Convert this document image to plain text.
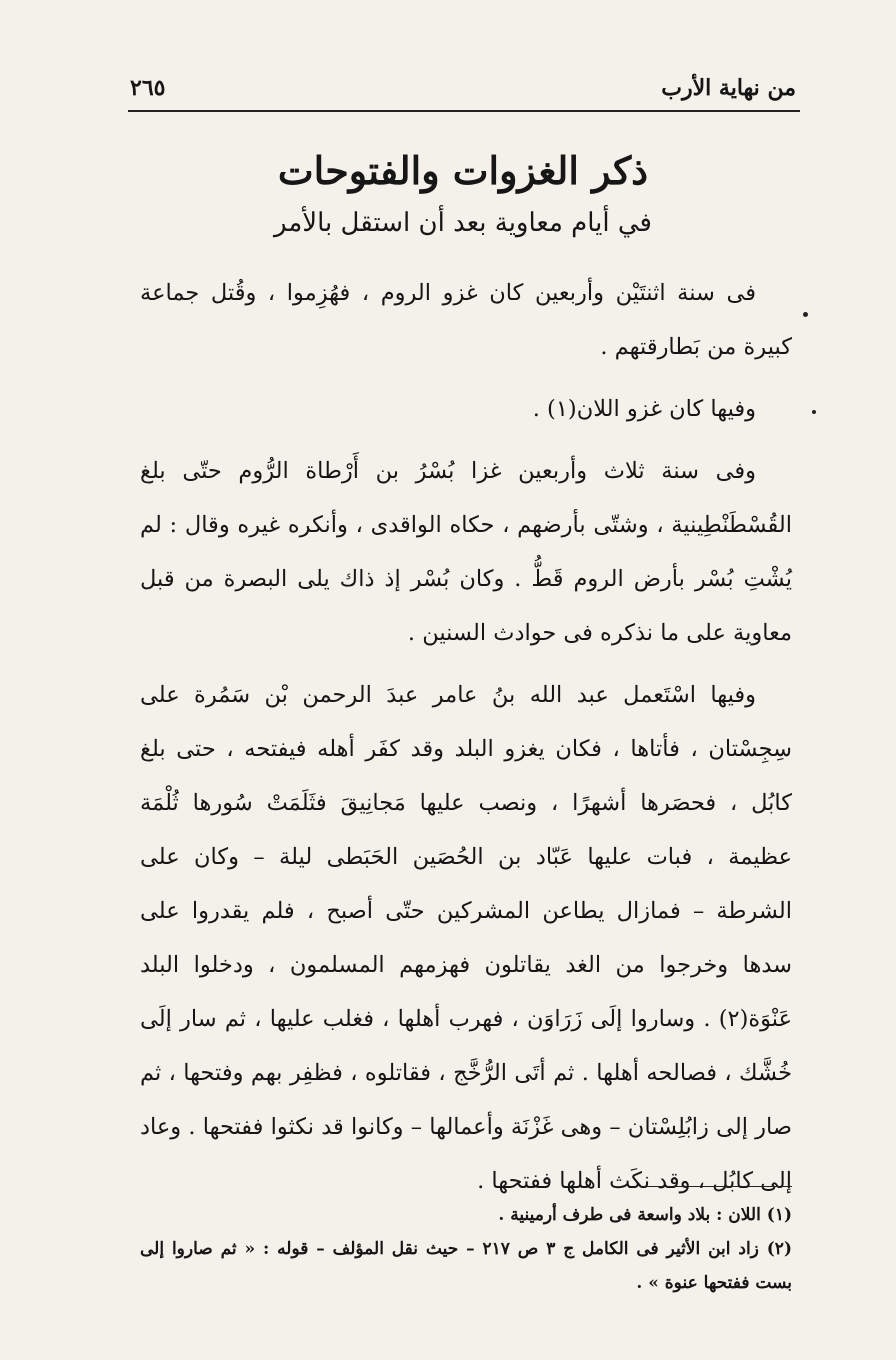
من نهاية الأرب
٢٦٥
ذكر الغزوات والفتوحات
في أيام معاوية بعد أن استقل بالأمر

فى سنة اثنتَيْن وأربعين كان غزو الروم ، فهُزِموا ، وقُتل جماعة كبيرة من بَطارقتهم .

وفيها كان غزو اللان(١) .

وفى سنة ثلاث وأربعين غزا بُسْرُ بن أَرْطاة الرُّوم حتّى بلغ القُسْطَنْطِينية ، وشتّى بأرضهم ، حكاه الواقدى ، وأنكره غيره وقال : لم يُشْتِ بُسْر بأرض الروم قَطُّ . وكان بُسْر إذ ذاك يلى البصرة من قبل معاوية على ما نذكره فى حوادث السنين .

وفيها اسْتَعمل عبد الله بنُ عامر عبدَ الرحمن بْن سَمُرة على سِجِسْتان ، فأتاها ، فكان يغزو البلد وقد كفَر أهله فيفتحه ، حتى بلغ كابُل ، فحصَرها أشهرًا ، ونصب عليها مَجانِيقَ فثَلَمَتْ سُورها ثُلْمَة عظيمة ، فبات عليها عَبّاد بن الحُصَين الحَبَطى ليلة – وكان على الشرطة – فمازال يطاعن المشركين حتّى أصبح ، فلم يقدروا على سدها وخرجوا من الغد يقاتلون فهزمهم المسلمون ، ودخلوا البلد عَنْوَة(٢) . وساروا إلَى زَرَاوَن ، فهرب أهلها ، فغلب عليها ، ثم سار إلَى خُشَّك ، فصالحه أهلها . ثم أتَى الرُّخَّج ، فقاتلوه ، فظفِر بهم وفتحها ، ثم صار إلى زابُلِسْتان – وهى غَزْنَة وأعمالها – وكانوا قد نكثوا ففتحها . وعاد إلى كابُل ، وقد نكَث أهلها ففتحها .

(١) اللان : بلاد واسعة فى طرف أرمينية .

(٢) زاد ابن الأثير فى الكامل ج ٣ ص ٢١٧ – حيث نقل المؤلف – قوله : « ثم صاروا إلى بست ففتحها عنوة » .
